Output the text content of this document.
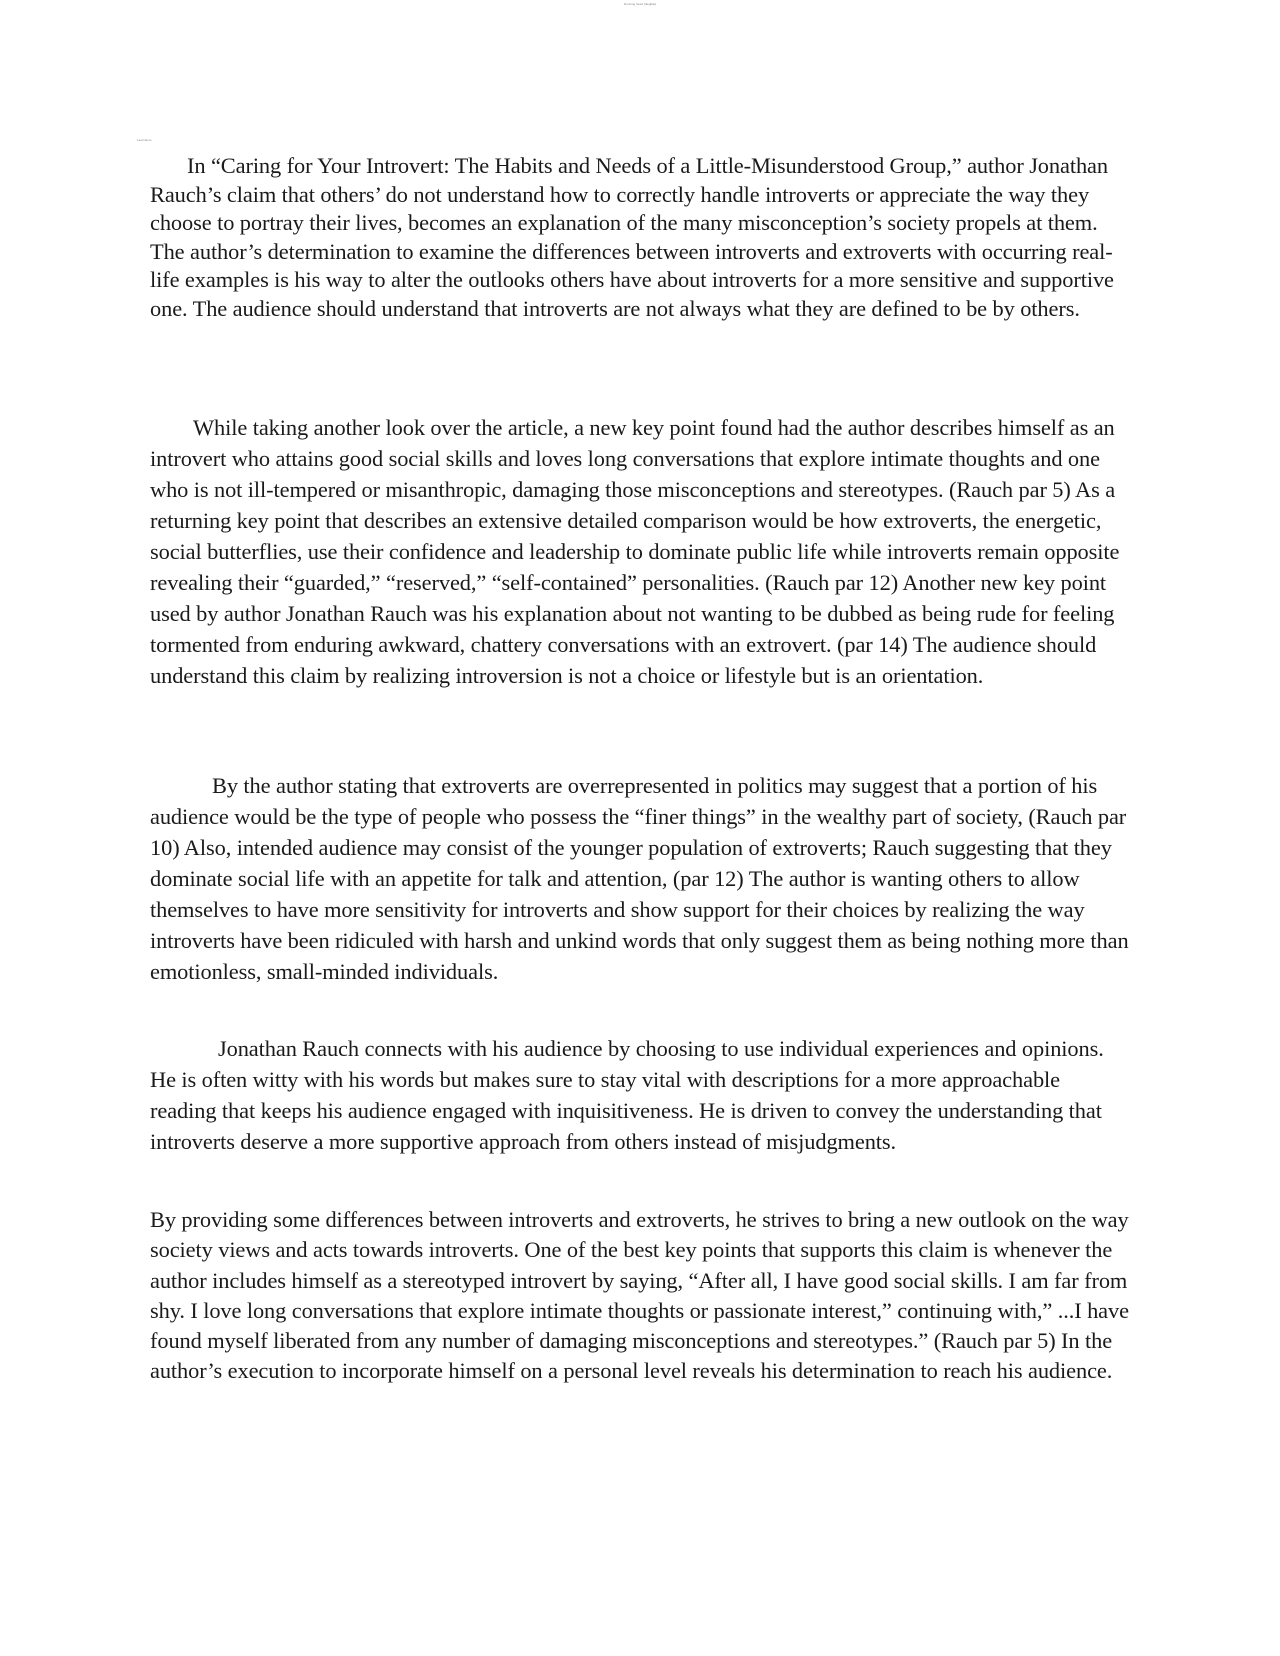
Running head: [illegible]
Last Name

In “Caring for Your Introvert: The Habits and Needs of a Little-Misunderstood Group,” author Jonathan Rauch’s claim that others’ do not understand how to correctly handle introverts or appreciate the way they choose to portray their lives, becomes an explanation of the many misconception’s society propels at them. The author’s determination to examine the differences between introverts and extroverts with occurring real-life examples is his way to alter the outlooks others have about introverts for a more sensitive and supportive one. The audience should understand that introverts are not always what they are defined to be by others.

While taking another look over the article, a new key point found had the author describes himself as an introvert who attains good social skills and loves long conversations that explore intimate thoughts and one who is not ill-tempered or misanthropic, damaging those misconceptions and stereotypes. (Rauch par 5) As a returning key point that describes an extensive detailed comparison would be how extroverts, the energetic, social butterflies, use their confidence and leadership to dominate public life while introverts remain opposite revealing their “guarded,” “reserved,” “self-contained” personalities. (Rauch par 12) Another new key point used by author Jonathan Rauch was his explanation about not wanting to be dubbed as being rude for feeling tormented from enduring awkward, chattery conversations with an extrovert. (par 14) The audience should understand this claim by realizing introversion is not a choice or lifestyle but is an orientation.

By the author stating that extroverts are overrepresented in politics may suggest that a portion of his audience would be the type of people who possess the “finer things” in the wealthy part of society, (Rauch par 10) Also, intended audience may consist of the younger population of extroverts; Rauch suggesting that they dominate social life with an appetite for talk and attention, (par 12) The author is wanting others to allow themselves to have more sensitivity for introverts and show support for their choices by realizing the way introverts have been ridiculed with harsh and unkind words that only suggest them as being nothing more than emotionless, small-minded individuals.

Jonathan Rauch connects with his audience by choosing to use individual experiences and opinions. He is often witty with his words but makes sure to stay vital with descriptions for a more approachable reading that keeps his audience engaged with inquisitiveness. He is driven to convey the understanding that introverts deserve a more supportive approach from others instead of misjudgments.

By providing some differences between introverts and extroverts, he strives to bring a new outlook on the way society views and acts towards introverts. One of the best key points that supports this claim is whenever the author includes himself as a stereotyped introvert by saying, “After all, I have good social skills. I am far from shy. I love long conversations that explore intimate thoughts or passionate interest,” continuing with,” ...I have found myself liberated from any number of damaging misconceptions and stereotypes.” (Rauch par 5) In the author’s execution to incorporate himself on a personal level reveals his determination to reach his audience.
